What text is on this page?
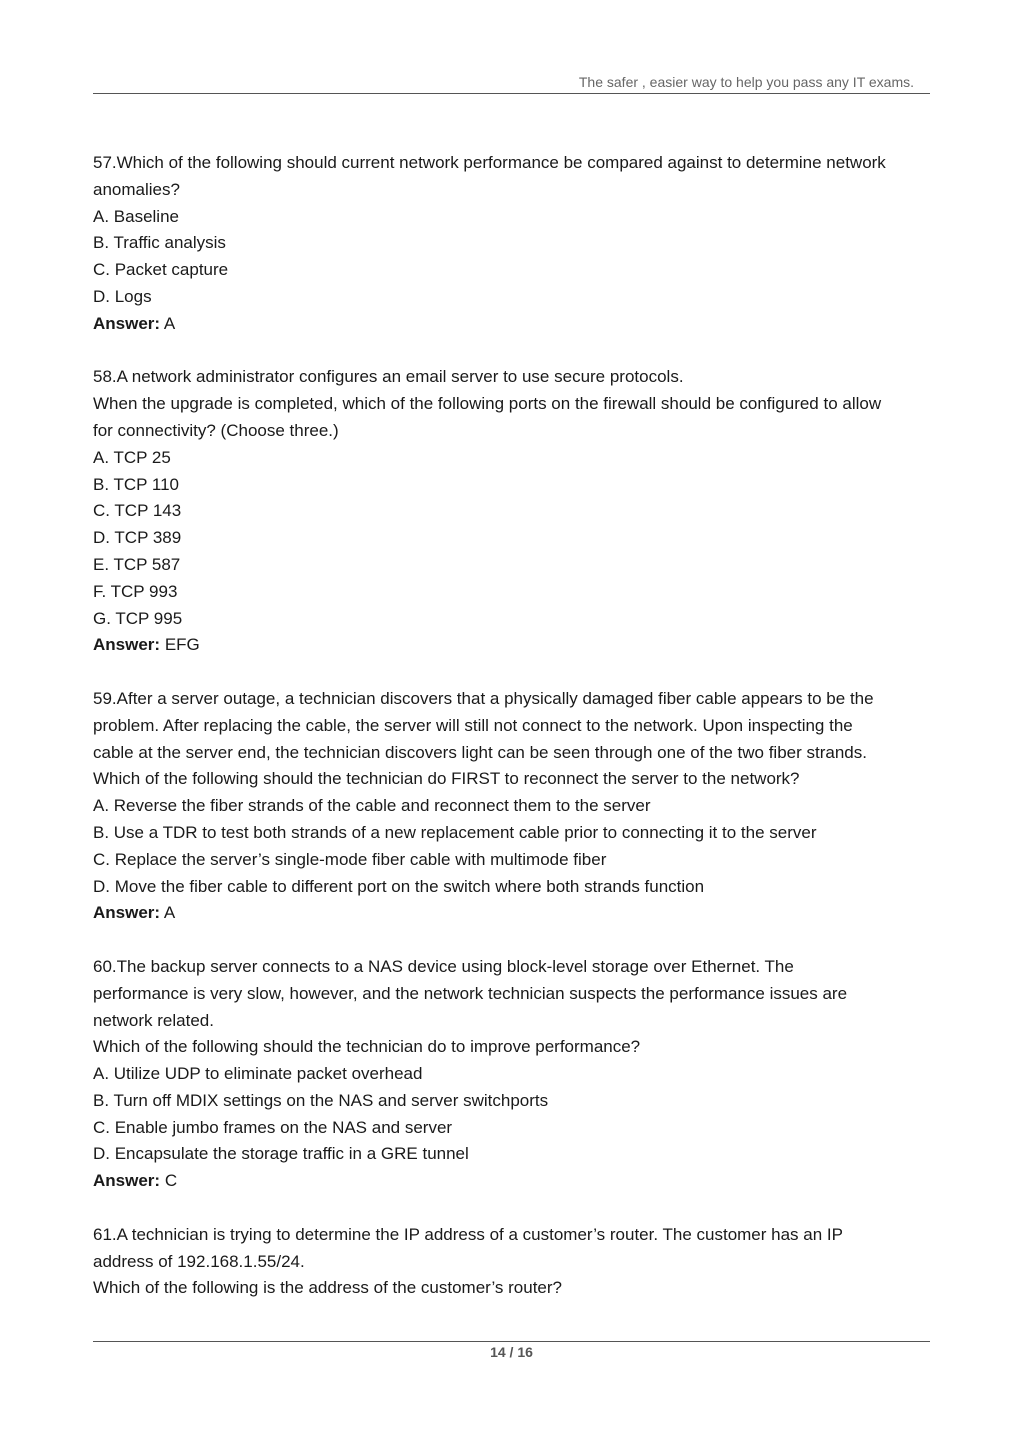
The safer , easier way to help you pass any IT exams.
57.Which of the following should current network performance be compared against to determine network
anomalies?
A. Baseline
B. Traffic analysis
C. Packet capture
D. Logs
Answer: A
58.A network administrator configures an email server to use secure protocols.
When the upgrade is completed, which of the following ports on the firewall should be configured to allow
for connectivity? (Choose three.)
A. TCP 25
B. TCP 110
C. TCP 143
D. TCP 389
E. TCP 587
F. TCP 993
G. TCP 995
Answer: EFG
59.After a server outage, a technician discovers that a physically damaged fiber cable appears to be the
problem. After replacing the cable, the server will still not connect to the network. Upon inspecting the
cable at the server end, the technician discovers light can be seen through one of the two fiber strands.
Which of the following should the technician do FIRST to reconnect the server to the network?
A. Reverse the fiber strands of the cable and reconnect them to the server
B. Use a TDR to test both strands of a new replacement cable prior to connecting it to the server
C. Replace the server’s single-mode fiber cable with multimode fiber
D. Move the fiber cable to different port on the switch where both strands function
Answer: A
60.The backup server connects to a NAS device using block-level storage over Ethernet. The
performance is very slow, however, and the network technician suspects the performance issues are
network related.
Which of the following should the technician do to improve performance?
A. Utilize UDP to eliminate packet overhead
B. Turn off MDIX settings on the NAS and server switchports
C. Enable jumbo frames on the NAS and server
D. Encapsulate the storage traffic in a GRE tunnel
Answer: C
61.A technician is trying to determine the IP address of a customer’s router. The customer has an IP
address of 192.168.1.55/24.
Which of the following is the address of the customer’s router?
14 / 16
